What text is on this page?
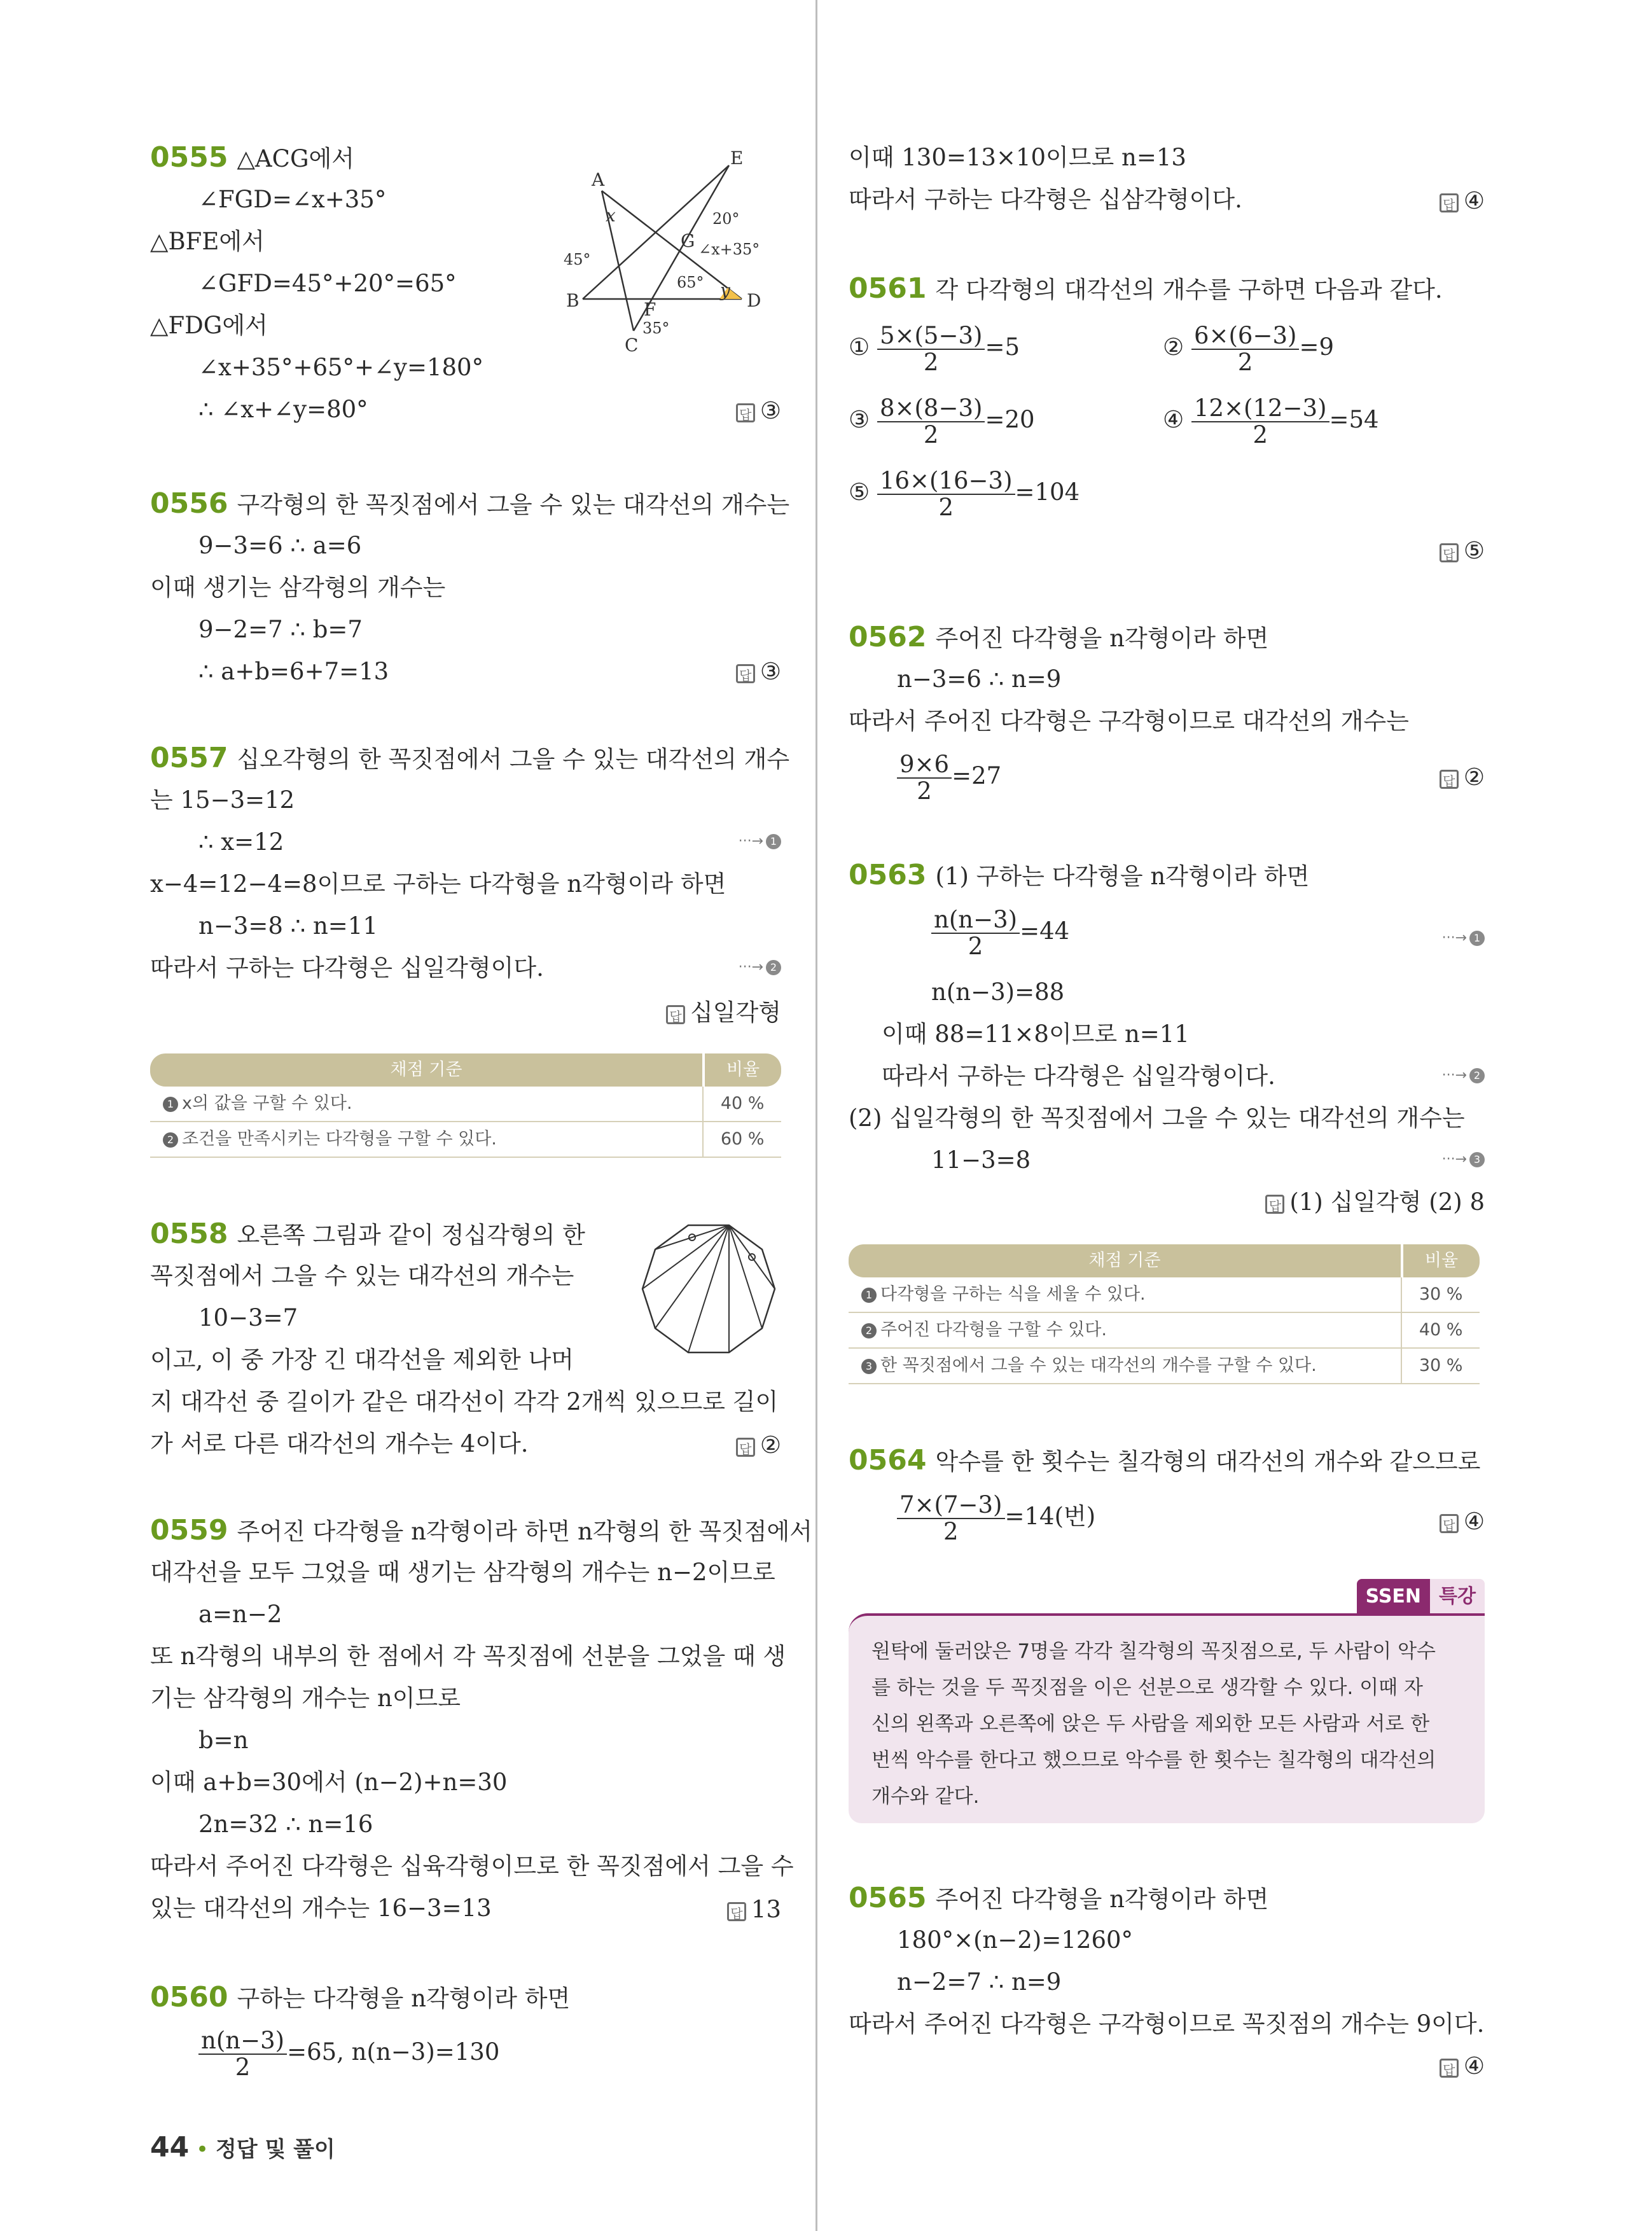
0555 △ACG에서
∠FGD=∠x+35°
△BFE에서
∠GFD=45°+20°=65°
△FDG에서
∠x+35°+65°+∠y=180°
∴ ∠x+∠y=80°	답 ③
A
B
C
D
E
F
G
x
y
20°
∠x+35°
45°
65°
35°
0556 구각형의 한 꼭짓점에서 그을 수 있는 대각선의 개수는
9−3=6 ∴ a=6
이때 생기는 삼각형의 개수는
9−2=7 ∴ b=7
∴ a+b=6+7=13	답 ③
0557 십오각형의 한 꼭짓점에서 그을 수 있는 대각선의 개수
는 15−3=12
∴ x=12	···→ 1
x−4=12−4=8이므로 구하는 다각형을 n각형이라 하면
n−3=8 ∴ n=11
따라서 구하는 다각형은 십일각형이다.	···→ 2
답 십일각형
채점 기준	비율
1 x의 값을 구할 수 있다.	40 %
2 조건을 만족시키는 다각형을 구할 수 있다.	60 %
0558 오른쪽 그림과 같이 정십각형의 한
꼭짓점에서 그을 수 있는 대각선의 개수는
10−3=7
이고, 이 중 가장 긴 대각선을 제외한 나머
지 대각선 중 길이가 같은 대각선이 각각 2개씩 있으므로 길이
가 서로 다른 대각선의 개수는 4이다.	답 ②
0559 주어진 다각형을 n각형이라 하면 n각형의 한 꼭짓점에서
대각선을 모두 그었을 때 생기는 삼각형의 개수는 n−2이므로
a=n−2
또 n각형의 내부의 한 점에서 각 꼭짓점에 선분을 그었을 때 생
기는 삼각형의 개수는 n이므로
b=n
이때 a+b=30에서 (n−2)+n=30
2n=32 ∴ n=16
따라서 주어진 다각형은 십육각형이므로 한 꼭짓점에서 그을 수
있는 대각선의 개수는 16−3=13	답 13
0560 구하는 다각형을 n각형이라 하면
$\frac{n(n-3)}{2} =65$, n(n−3)=130
이때 130=13×10이므로 n=13
따라서 구하는 다각형은 십삼각형이다.	답 ④
0561 각 다각형의 대각선의 개수를 구하면 다음과 같다.
① $\frac{5\times(5-3)}{2} =5$	② $\frac{6\times(6-3)}{2} =9$
③ $\frac{8\times(8-3)}{2} =20$	④ $\frac{12\times(12-3)}{2} =54$
⑤ $\frac{16\times(16-3)}{2} =104$
답 ⑤
0562 주어진 다각형을 n각형이라 하면
n−3=6 ∴ n=9
따라서 주어진 다각형은 구각형이므로 대각선의 개수는
$\frac{9\times 6}{2} =27$	답 ②
0563 (1) 구하는 다각형을 n각형이라 하면
$\frac{n(n-3)}{2} =44$	···→ 1
n(n−3)=88
이때 88=11×8이므로 n=11
따라서 구하는 다각형은 십일각형이다.	···→ 2
(2) 십일각형의 한 꼭짓점에서 그을 수 있는 대각선의 개수는
11−3=8	···→ 3
답 (1) 십일각형 (2) 8
채점 기준	비율
1 다각형을 구하는 식을 세울 수 있다.	30 %
2 주어진 다각형을 구할 수 있다.	40 %
3 한 꼭짓점에서 그을 수 있는 대각선의 개수를 구할 수 있다.	30 %
0564 악수를 한 횟수는 칠각형의 대각선의 개수와 같으므로
$\frac{7\times(7-3)}{2} =14$(번)	답 ④
0565 주어진 다각형을 n각형이라 하면
180°×(n−2)=1260°
n−2=7 ∴ n=9
따라서 주어진 다각형은 구각형이므로 꼭짓점의 개수는 9이다.
답 ④
SSEN 특강
원탁에 둘러앉은 7명을 각각 칠각형의 꼭짓점으로, 두 사람이 악수
를 하는 것을 두 꼭짓점을 이은 선분으로 생각할 수 있다. 이때 자
신의 왼쪽과 오른쪽에 앉은 두 사람을 제외한 모든 사람과 서로 한
번씩 악수를 한다고 했으므로 악수를 한 횟수는 칠각형의 대각선의
개수와 같다.
44 • 정답 및 풀이
